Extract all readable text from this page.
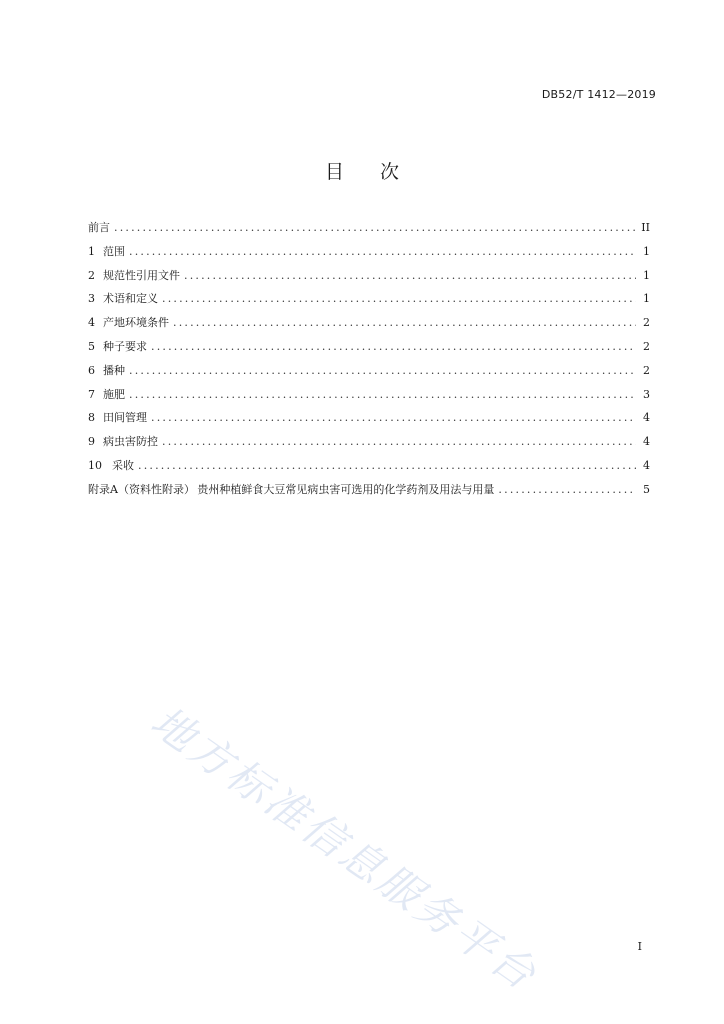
DB52/T 1412—2019
目 次
前言 .....	II
1 范围 .....	1
2 规范性引用文件 .....	1
3 术语和定义 .....	1
4 产地环境条件 .....	2
5 种子要求 .....	2
6 播种 .....	2
7 施肥 .....	3
8 田间管理 .....	4
9 病虫害防控 .....	4
10 采收 .....	4
附录A（资料性附录） 贵州种植鲜食大豆常见病虫害可选用的化学药剂及用法与用量 .....	5
地方标准信息服务平台	I
